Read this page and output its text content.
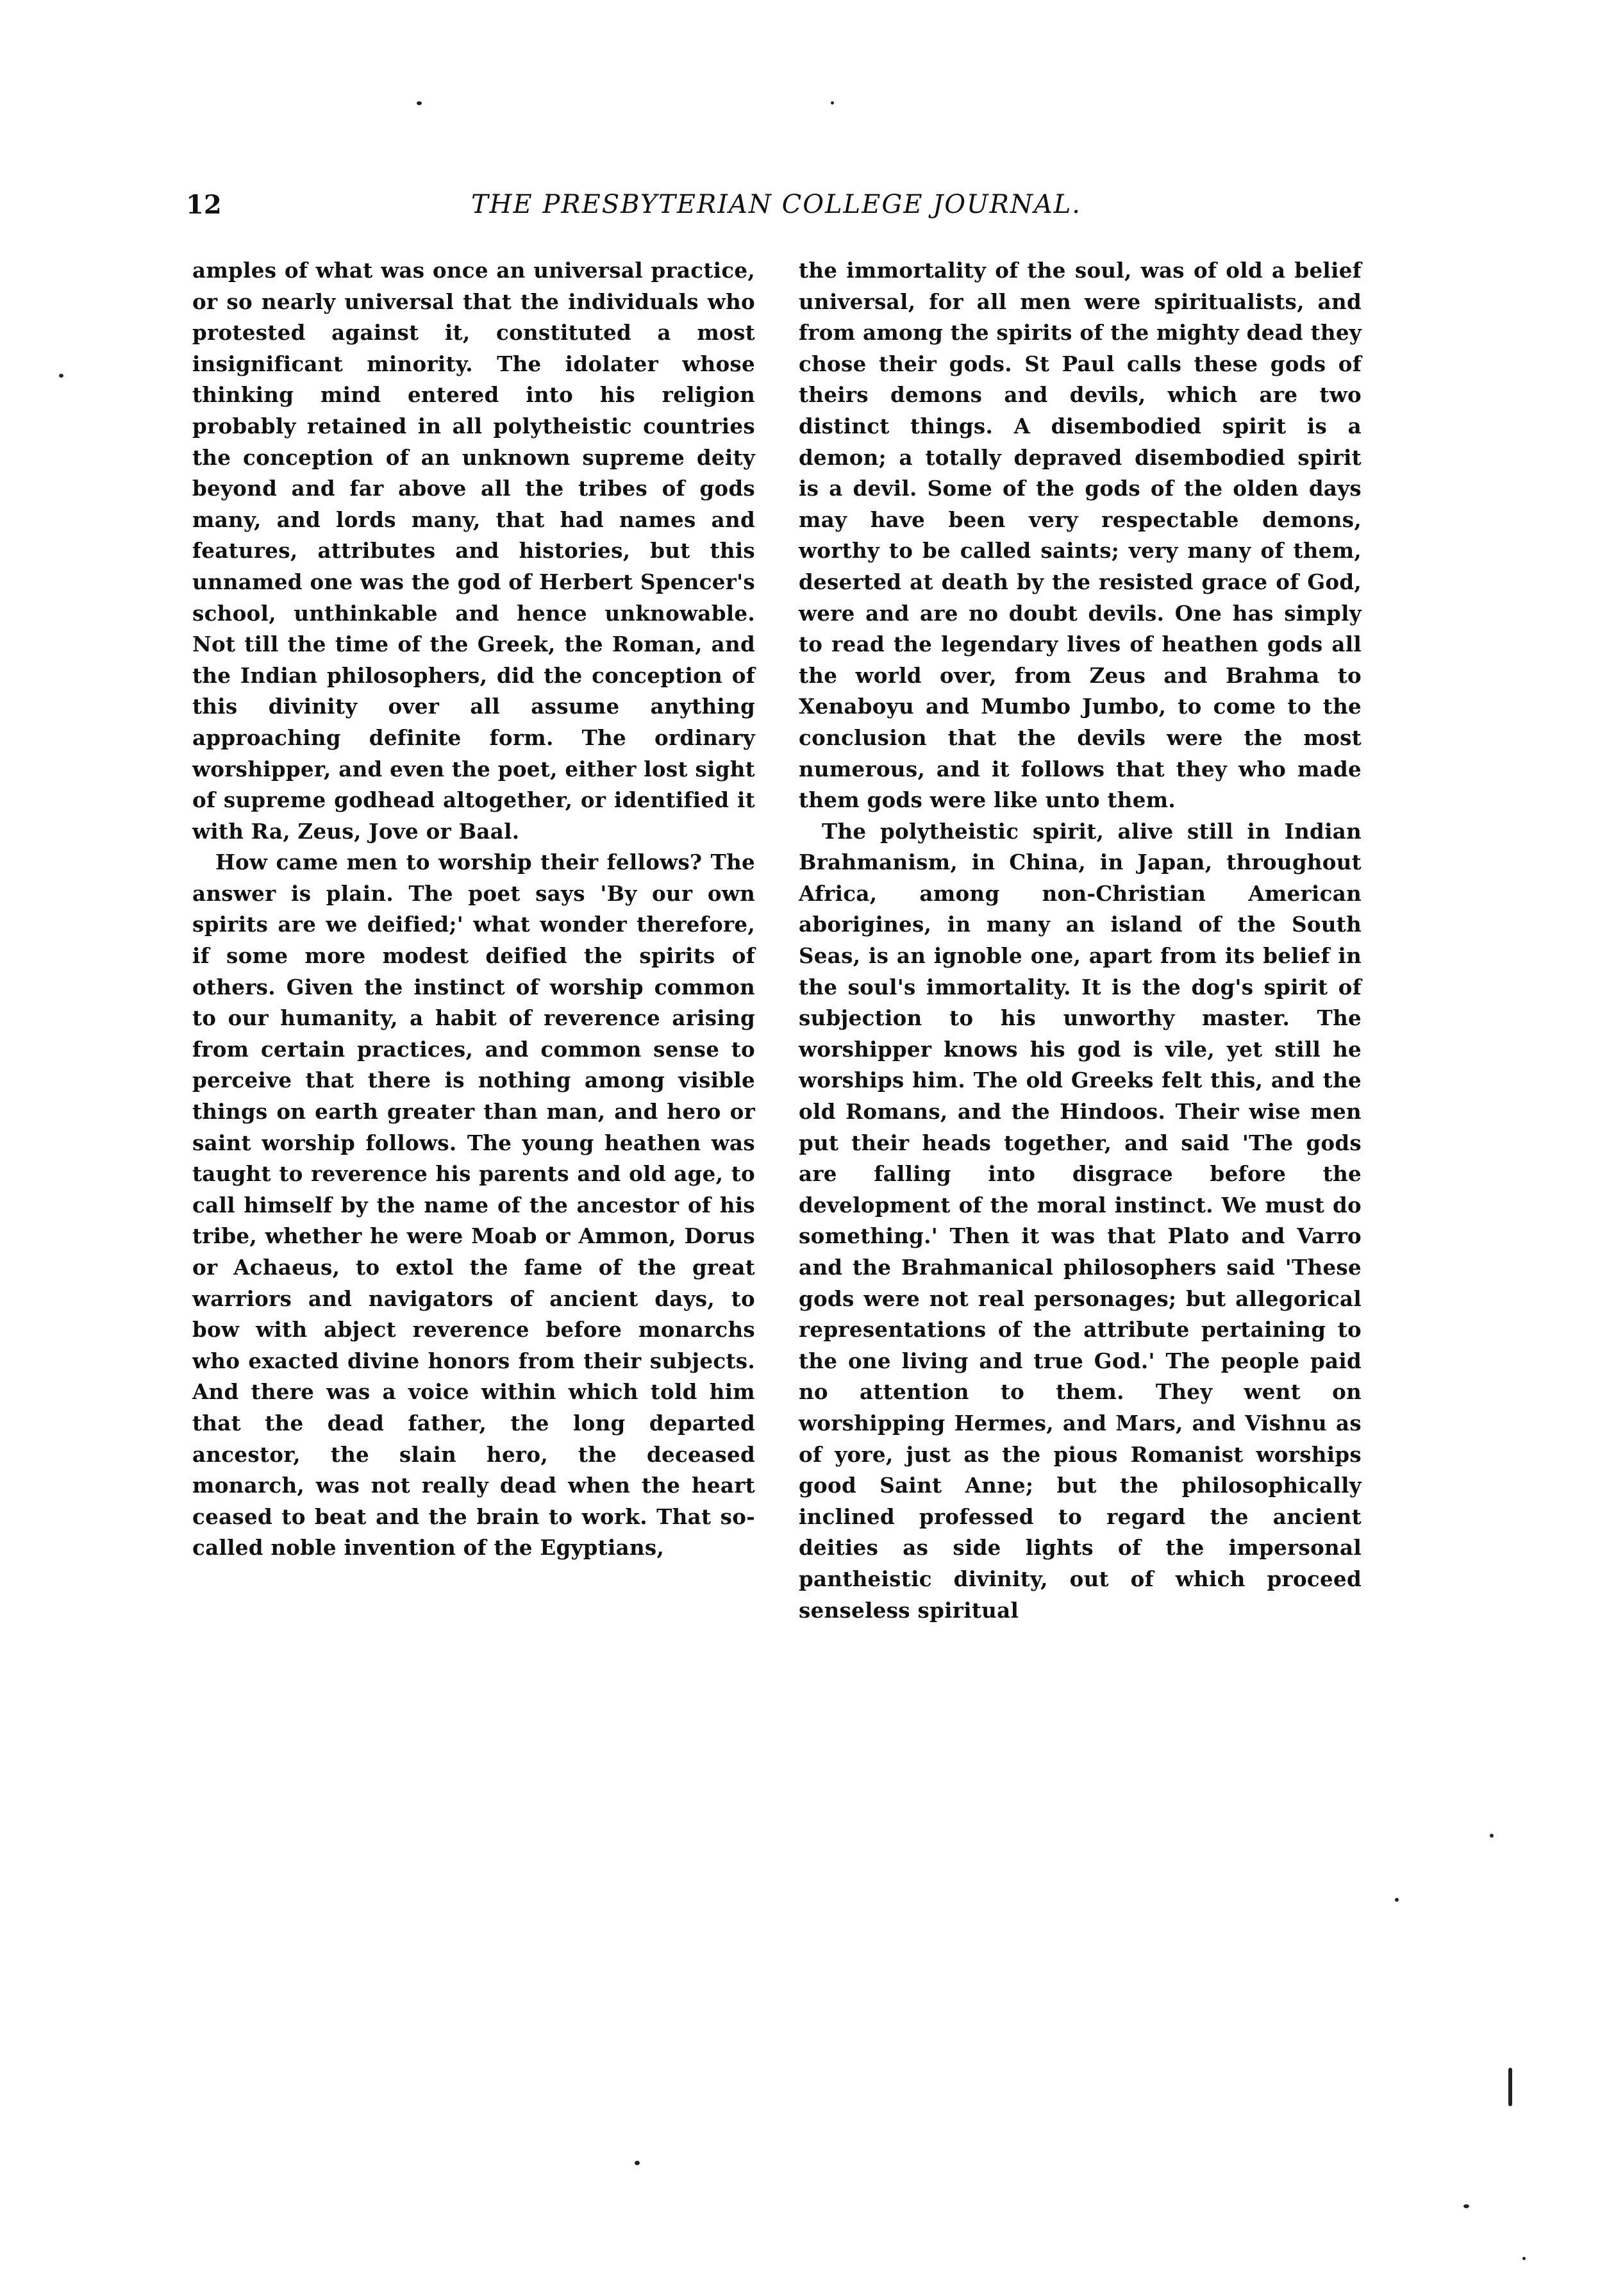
12	THE PRESBYTERIAN COLLEGE JOURNAL.

amples of what was once an universal practice, or so nearly universal that the individuals who protested against it, constituted a most insignificant minority. The idolater whose thinking mind entered into his religion probably retained in all polytheistic countries the conception of an unknown supreme deity beyond and far above all the tribes of gods many, and lords many, that had names and features, attributes and histories, but this unnamed one was the god of Herbert Spencer's school, unthinkable and hence unknowable. Not till the time of the Greek, the Roman, and the Indian philosophers, did the conception of this divinity over all assume anything approaching definite form. The ordinary worshipper, and even the poet, either lost sight of supreme godhead altogether, or identified it with Ra, Zeus, Jove or Baal.

How came men to worship their fellows? The answer is plain. The poet says 'By our own spirits are we deified;' what wonder therefore, if some more modest deified the spirits of others. Given the instinct of worship common to our humanity, a habit of reverence arising from certain practices, and common sense to perceive that there is nothing among visible things on earth greater than man, and hero or saint worship follows. The young heathen was taught to reverence his parents and old age, to call himself by the name of the ancestor of his tribe, whether he were Moab or Ammon, Dorus or Achaeus, to extol the fame of the great warriors and navigators of ancient days, to bow with abject reverence before monarchs who exacted divine honors from their subjects. And there was a voice within which told him that the dead father, the long departed ancestor, the slain hero, the deceased monarch, was not really dead when the heart ceased to beat and the brain to work. That so-called noble invention of the Egyptians,

the immortality of the soul, was of old a belief universal, for all men were spiritualists, and from among the spirits of the mighty dead they chose their gods. St Paul calls these gods of theirs demons and devils, which are two distinct things. A disembodied spirit is a demon; a totally depraved disembodied spirit is a devil. Some of the gods of the olden days may have been very respectable demons, worthy to be called saints; very many of them, deserted at death by the resisted grace of God, were and are no doubt devils. One has simply to read the legendary lives of heathen gods all the world over, from Zeus and Brahma to Xenaboyu and Mumbo Jumbo, to come to the conclusion that the devils were the most numerous, and it follows that they who made them gods were like unto them.

The polytheistic spirit, alive still in Indian Brahmanism, in China, in Japan, throughout Africa, among non-Christian American aborigines, in many an island of the South Seas, is an ignoble one, apart from its belief in the soul's immortality. It is the dog's spirit of subjection to his unworthy master. The worshipper knows his god is vile, yet still he worships him. The old Greeks felt this, and the old Romans, and the Hindoos. Their wise men put their heads together, and said 'The gods are falling into disgrace before the development of the moral instinct. We must do something.' Then it was that Plato and Varro and the Brahmanical philosophers said 'These gods were not real personages; but allegorical representations of the attribute pertaining to the one living and true God.' The people paid no attention to them. They went on worshipping Hermes, and Mars, and Vishnu as of yore, just as the pious Romanist worships good Saint Anne; but the philosophically inclined professed to regard the ancient deities as side lights of the impersonal pantheistic divinity, out of which proceed senseless spiritual
